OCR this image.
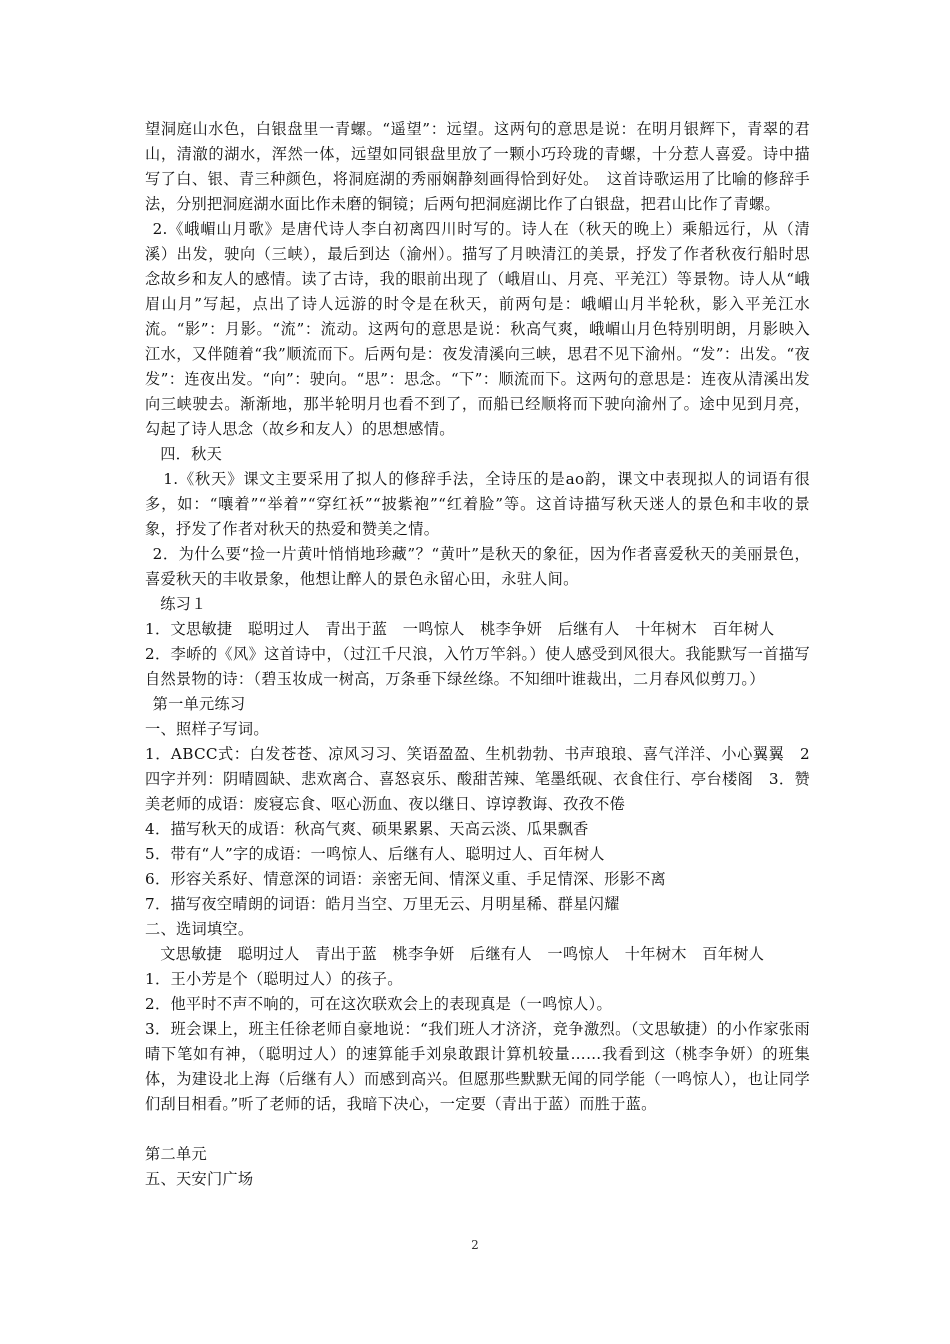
望洞庭山水色，白银盘里一青螺。“遥望”：远望。这两句的意思是说：在明月银辉下，青翠的君山，清澈的湖水，浑然一体，远望如同银盘里放了一颗小巧玲珑的青螺，十分惹人喜爱。诗中描写了白、银、青三种颜色，将洞庭湖的秀丽娴静刻画得恰到好处。　这首诗歌运用了比喻的修辞手法，分别把洞庭湖水面比作未磨的铜镜；后两句把洞庭湖比作了白银盘，把君山比作了青螺。

2.《峨嵋山月歌》是唐代诗人李白初离四川时写的。诗人在（秋天的晚上）乘船远行，从（清溪）出发，驶向（三峡），最后到达（渝州）。描写了月映清江的美景，抒发了作者秋夜行船时思念故乡和友人的感情。读了古诗，我的眼前出现了（峨眉山、月亮、平羌江）等景物。诗人从“峨眉山月”写起，点出了诗人远游的时令是在秋天，前两句是：峨嵋山月半轮秋，影入平羌江水流。“影”：月影。“流”：流动。这两句的意思是说：秋高气爽，峨嵋山月色特别明朗，月影映入江水，又伴随着“我”顺流而下。后两句是：夜发清溪向三峡，思君不见下渝州。“发”：出发。“夜发”：连夜出发。“向”：驶向。“思”：思念。“下”：顺流而下。这两句的意思是：连夜从清溪出发向三峡驶去。渐渐地，那半轮明月也看不到了，而船已经顺将而下驶向渝州了。途中见到月亮，勾起了诗人思念（故乡和友人）的思想感情。

四．秋天

1.《秋天》课文主要采用了拟人的修辞手法，全诗压的是ao韵，课文中表现拟人的词语有很多，如：“嚷着”“举着”“穿红袄”“披紫袍”“红着脸”等。这首诗描写秋天迷人的景色和丰收的景象，抒发了作者对秋天的热爱和赞美之情。

2．为什么要“捡一片黄叶悄悄地珍藏”？“黄叶”是秋天的象征，因为作者喜爱秋天的美丽景色，喜爱秋天的丰收景象，他想让醉人的景色永留心田，永驻人间。

练习１

1．文思敏捷　聪明过人　青出于蓝　一鸣惊人　桃李争妍　后继有人　十年树木　百年树人

2．李峤的《风》这首诗中，（过江千尺浪，入竹万竿斜。）使人感受到风很大。我能默写一首描写自然景物的诗：（碧玉妆成一树高，万条垂下绿丝绦。不知细叶谁裁出，二月春风似剪刀。）

第一单元练习

一、照样子写词。

1．ABCC式：白发苍苍、凉风习习、笑语盈盈、生机勃勃、书声琅琅、喜气洋洋、小心翼翼　2四字并列：阴晴圆缺、悲欢离合、喜怒哀乐、酸甜苦辣、笔墨纸砚、衣食住行、亭台楼阁　3．赞美老师的成语：废寝忘食、呕心沥血、夜以继日、谆谆教诲、孜孜不倦

4．描写秋天的成语：秋高气爽、硕果累累、天高云淡、瓜果飘香

5．带有“人”字的成语：一鸣惊人、后继有人、聪明过人、百年树人

6．形容关系好、情意深的词语：亲密无间、情深义重、手足情深、形影不离

7．描写夜空晴朗的词语：皓月当空、万里无云、月明星稀、群星闪耀

二、选词填空。

文思敏捷　聪明过人　青出于蓝　桃李争妍　后继有人　一鸣惊人　十年树木　百年树人

1．王小芳是个（聪明过人）的孩子。

2．他平时不声不响的，可在这次联欢会上的表现真是（一鸣惊人）。

3．班会课上，班主任徐老师自豪地说：“我们班人才济济，竞争激烈。（文思敏捷）的小作家张雨晴下笔如有神，（聪明过人）的速算能手刘泉敢跟计算机较量……我看到这（桃李争妍）的班集体，为建设北上海（后继有人）而感到高兴。但愿那些默默无闻的同学能（一鸣惊人），也让同学们刮目相看。”听了老师的话，我暗下决心，一定要（青出于蓝）而胜于蓝。

第二单元

五、天安门广场

2
